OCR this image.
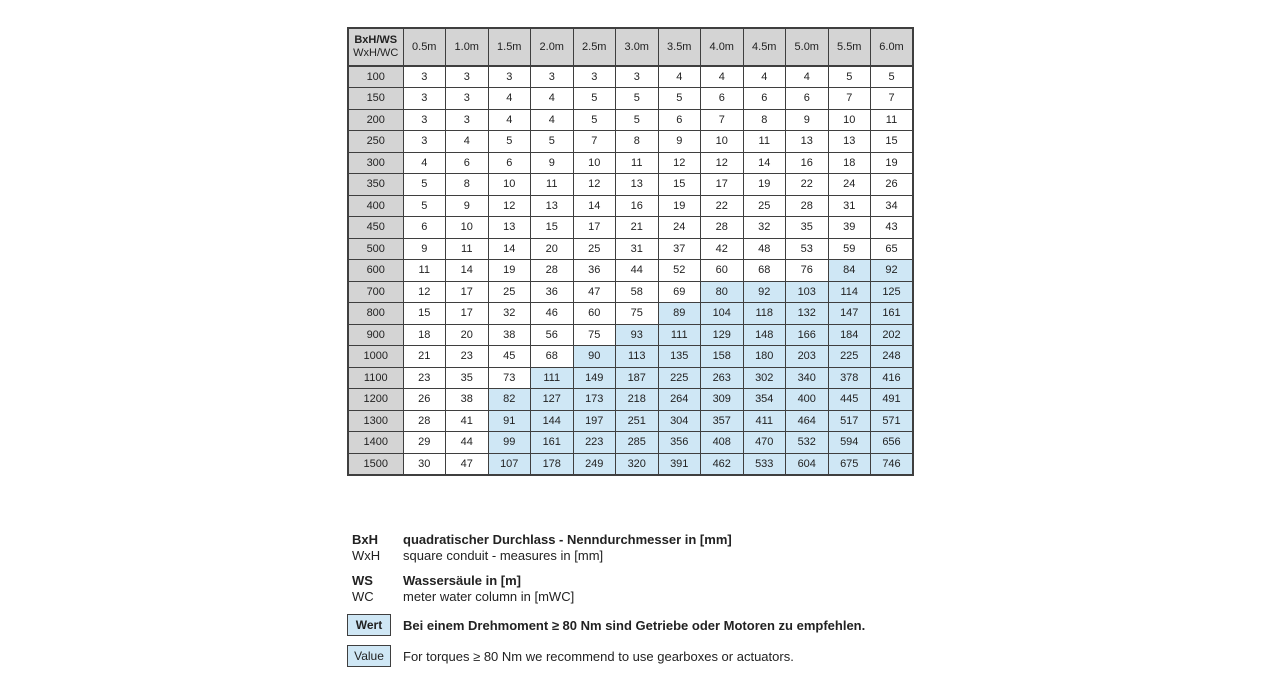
BxH/WS
WxH/WC	0.5m	1.0m	1.5m	2.0m	2.5m	3.0m	3.5m	4.0m	4.5m	5.0m	5.5m	6.0m
100	3	3	3	3	3	3	4	4	4	4	5	5
150	3	3	4	4	5	5	5	6	6	6	7	7
200	3	3	4	4	5	5	6	7	8	9	10	11
250	3	4	5	5	7	8	9	10	11	13	13	15
300	4	6	6	9	10	11	12	12	14	16	18	19
350	5	8	10	11	12	13	15	17	19	22	24	26
400	5	9	12	13	14	16	19	22	25	28	31	34
450	6	10	13	15	17	21	24	28	32	35	39	43
500	9	11	14	20	25	31	37	42	48	53	59	65
600	11	14	19	28	36	44	52	60	68	76	84	92
700	12	17	25	36	47	58	69	80	92	103	114	125
800	15	17	32	46	60	75	89	104	118	132	147	161
900	18	20	38	56	75	93	111	129	148	166	184	202
1000	21	23	45	68	90	113	135	158	180	203	225	248
1100	23	35	73	111	149	187	225	263	302	340	378	416
1200	26	38	82	127	173	218	264	309	354	400	445	491
1300	28	41	91	144	197	251	304	357	411	464	517	571
1400	29	44	99	161	223	285	356	408	470	532	594	656
1500	30	47	107	178	249	320	391	462	533	604	675	746
BxH	quadratischer Durchlass - Nenndurchmesser in [mm]
WxH	square conduit - measures in [mm]
WS	Wassersäule in [m]
WC	meter water column in [mWC]
Wert	Bei einem Drehmoment ≥ 80 Nm sind Getriebe oder Motoren zu empfehlen.
Value	For torques ≥ 80 Nm we recommend to use gearboxes or actuators.
